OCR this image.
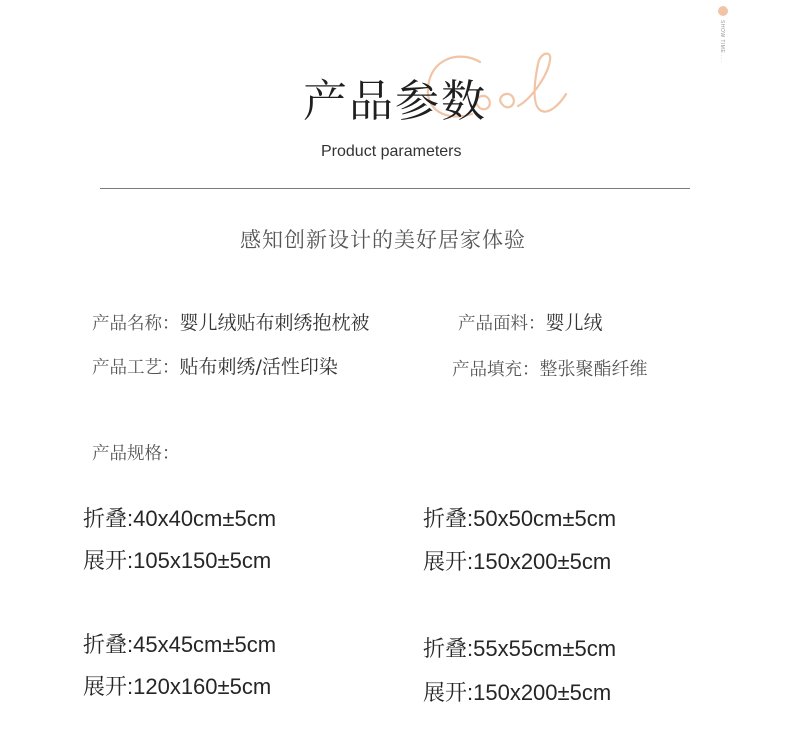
SHOW TIME ....
产品参数
Product parameters
感知创新设计的美好居家体验
产品名称：婴儿绒贴布刺绣抱枕被	产品面料：婴儿绒
产品工艺：贴布刺绣/活性印染	产品填充：整张聚酯纤维
产品规格：
折叠:40x40cm±5cm
展开:105x150±5cm
折叠:50x50cm±5cm
展开:150x200±5cm
折叠:45x45cm±5cm
展开:120x160±5cm
折叠:55x55cm±5cm
展开:150x200±5cm
